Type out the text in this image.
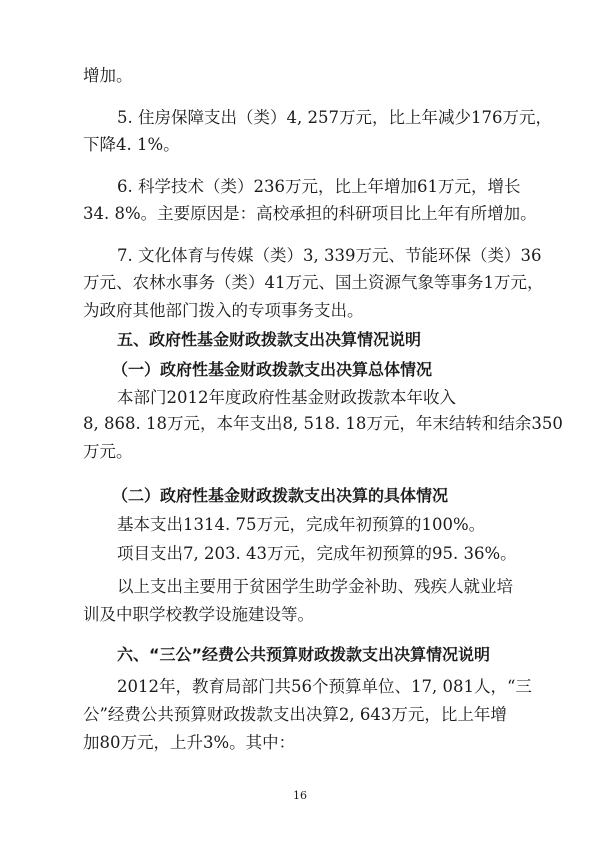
增加。
5. 住房保障支出（类）4, 257万元，比上年减少176万元，
下降4. 1%。
6. 科学技术（类）236万元，比上年增加61万元，增长
34. 8%。主要原因是：高校承担的科研项目比上年有所增加。
7. 文化体育与传媒（类）3, 339万元、节能环保（类）36
万元、农林水事务（类）41万元、国土资源气象等事务1万元，
为政府其他部门拨入的专项事务支出。
五、政府性基金财政拨款支出决算情况说明
（一）政府性基金财政拨款支出决算总体情况
本部门2012年度政府性基金财政拨款本年收入
8, 868. 18万元，本年支出8, 518. 18万元，年末结转和结余350
万元。
（二）政府性基金财政拨款支出决算的具体情况
基本支出1314. 75万元，完成年初预算的100%。
项目支出7, 203. 43万元，完成年初预算的95. 36%。
以上支出主要用于贫困学生助学金补助、残疾人就业培
训及中职学校教学设施建设等。
六、“三公”经费公共预算财政拨款支出决算情况说明
2012年，教育局部门共56个预算单位、17, 081人，“三
公”经费公共预算财政拨款支出决算2, 643万元，比上年增
加80万元，上升3%。其中：
16
